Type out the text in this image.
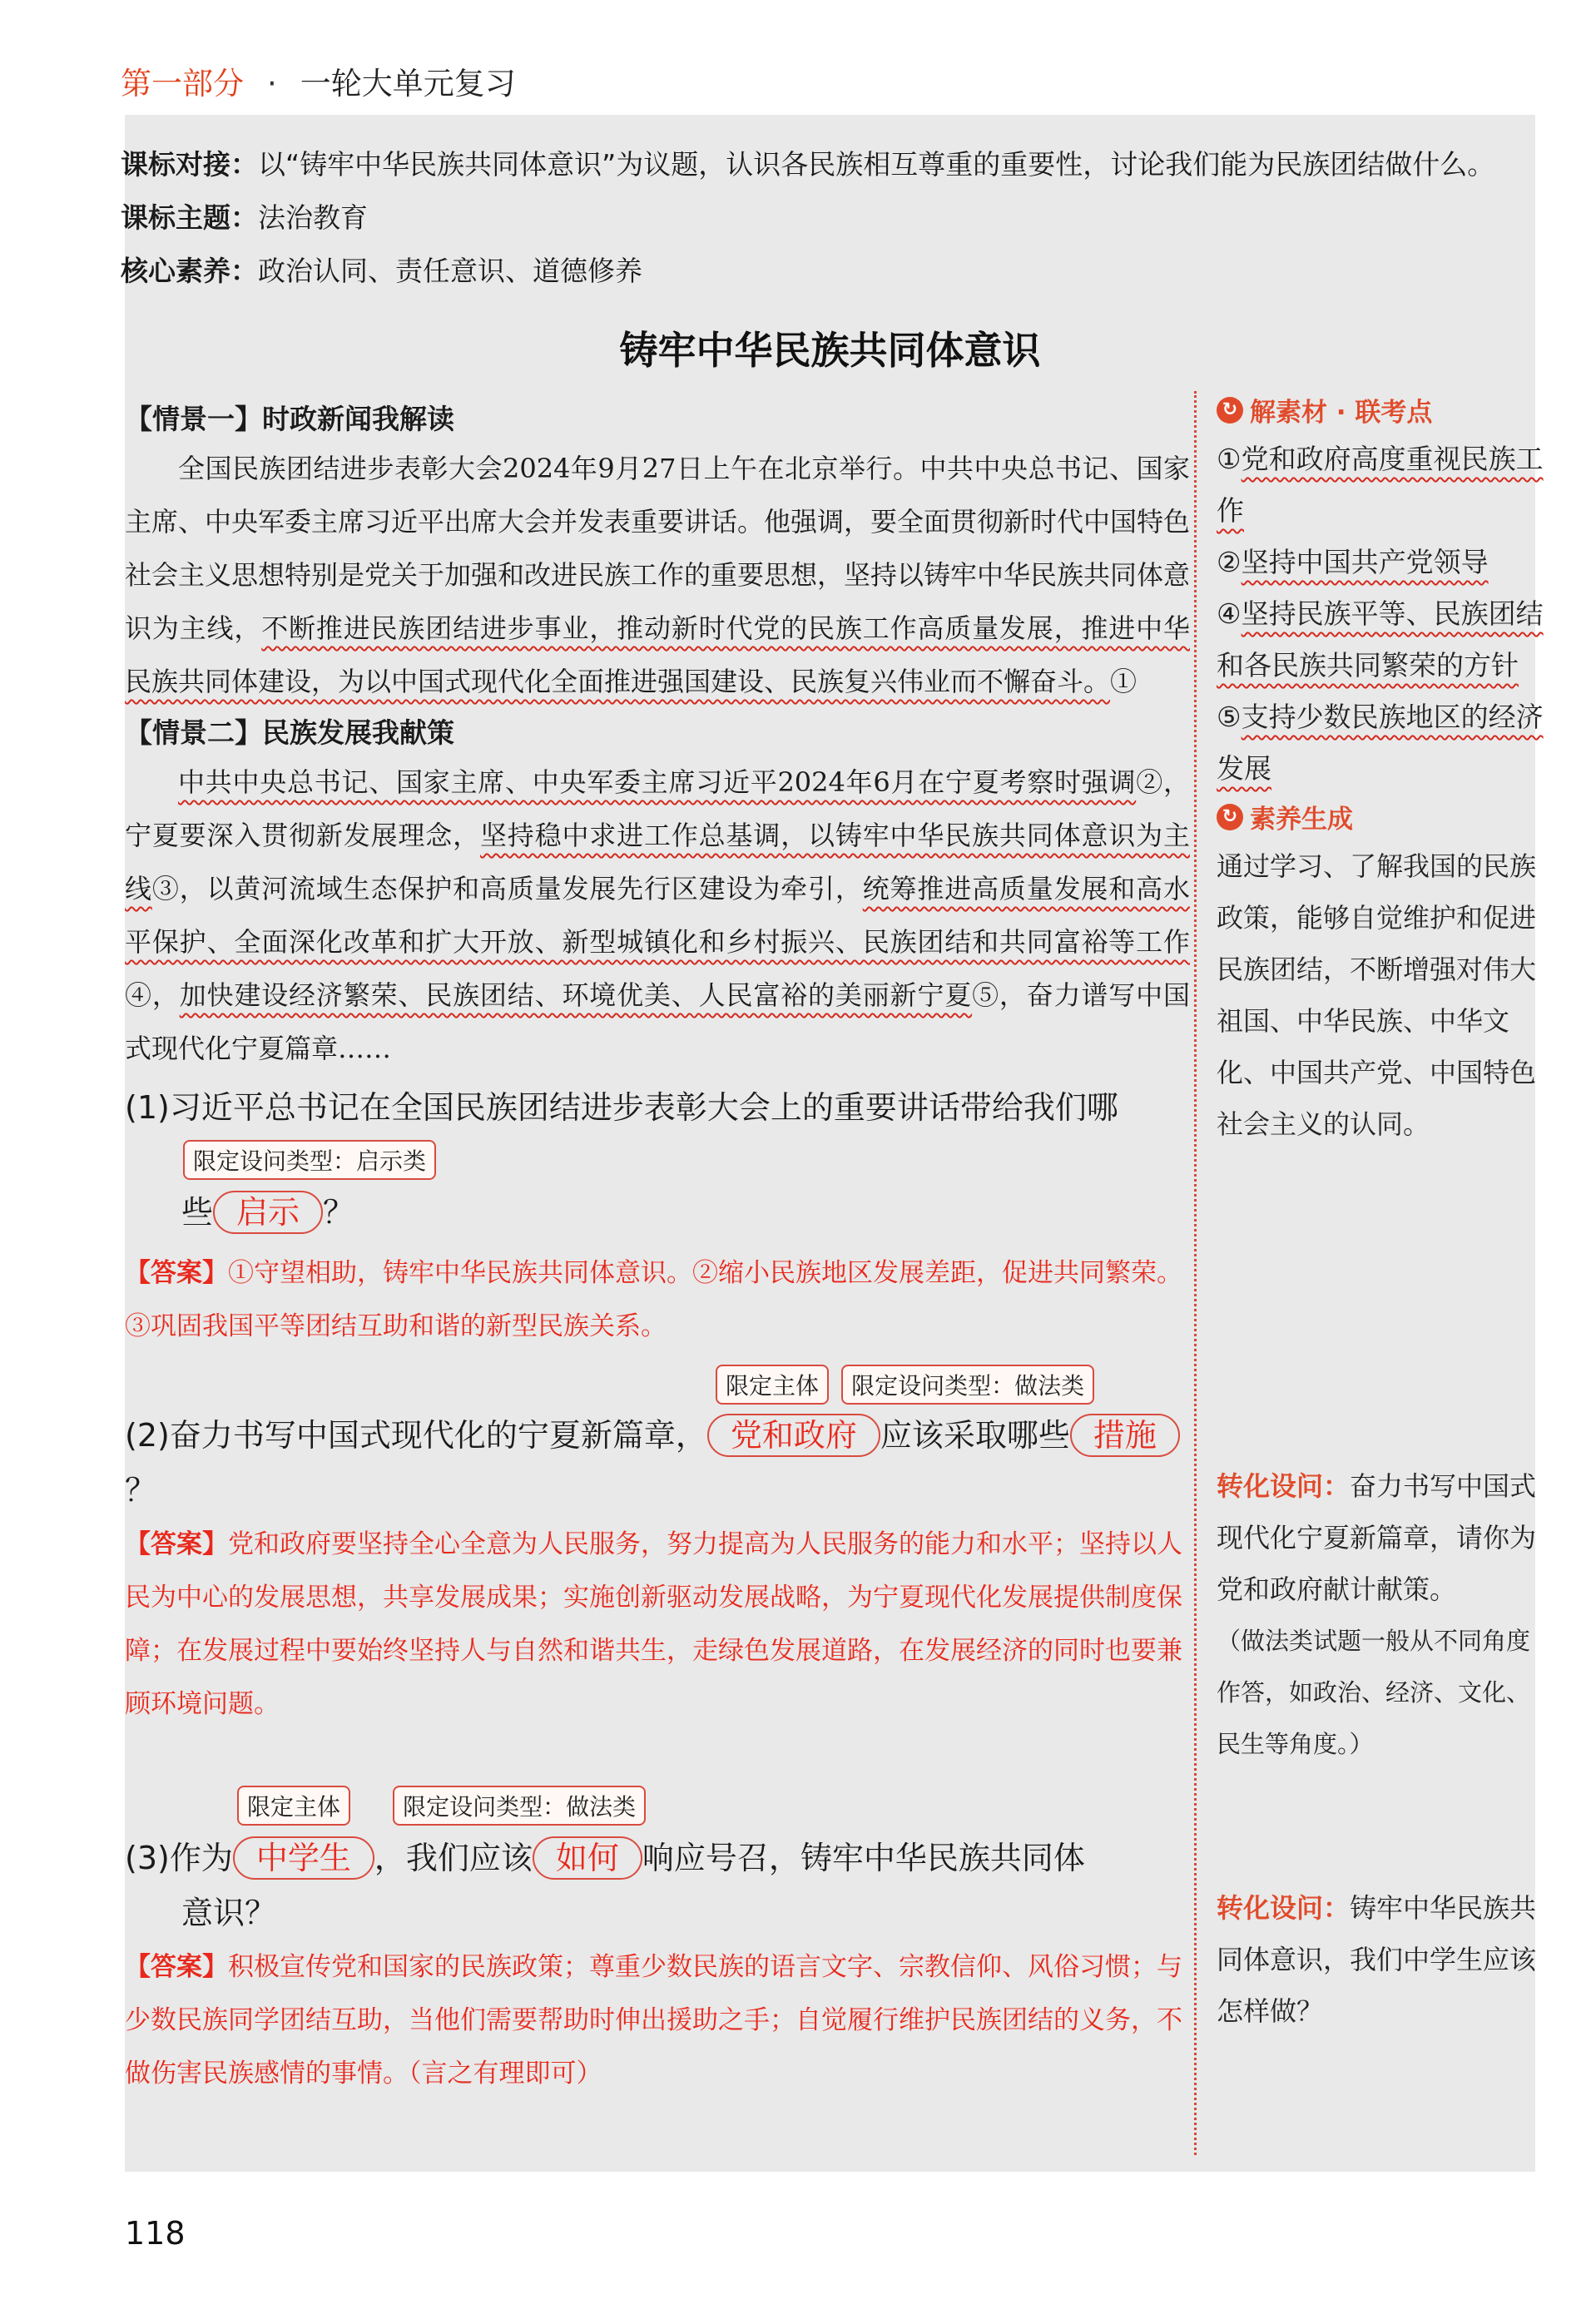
第一部分 · 一轮大单元复习
课标对接：以“铸牢中华民族共同体意识”为议题，认识各民族相互尊重的重要性，讨论我们能为民族团结做什么。
课标主题：法治教育
核心素养：政治认同、责任意识、道德修养
铸牢中华民族共同体意识
【情景一】时政新闻我解读

全国民族团结进步表彰大会2024年9月27日上午在北京举行。中共中央总书记、国家主席、中央军委主席习近平出席大会并发表重要讲话。他强调，要全面贯彻新时代中国特色社会主义思想特别是党关于加强和改进民族工作的重要思想，坚持以铸牢中华民族共同体意识为主线，不断推进民族团结进步事业，推动新时代党的民族工作高质量发展，推进中华民族共同体建设，为以中国式现代化全面推进强国建设、民族复兴伟业而不懈奋斗。①

【情景二】民族发展我献策

中共中央总书记、国家主席、中央军委主席习近平2024年6月在宁夏考察时强调②，宁夏要深入贯彻新发展理念，坚持稳中求进工作总基调，以铸牢中华民族共同体意识为主线③，以黄河流域生态保护和高质量发展先行区建设为牵引，统筹推进高质量发展和高水平保护、全面深化改革和扩大开放、新型城镇化和乡村振兴、民族团结和共同富裕等工作④，加快建设经济繁荣、民族团结、环境优美、人民富裕的美丽新宁夏⑤，奋力谱写中国式现代化宁夏篇章……

(1)习近平总书记在全国民族团结进步表彰大会上的重要讲话带给我们哪

限定设问类型：启示类

些 启示 ？

【答案】①守望相助，铸牢中华民族共同体意识。②缩小民族地区发展差距，促进共同繁荣。③巩固我国平等团结互助和谐的新型民族关系。

限定主体 限定设问类型：做法类

(2)奋力书写中国式现代化的宁夏新篇章， 党和政府 应该采取哪些 措施？

【答案】党和政府要坚持全心全意为人民服务，努力提高为人民服务的能力和水平；坚持以人民为中心的发展思想，共享发展成果；实施创新驱动发展战略，为宁夏现代化发展提供制度保障；在发展过程中要始终坚持人与自然和谐共生，走绿色发展道路，在发展经济的同时也要兼顾环境问题。

限定主体	限定设问类型：做法类

(3)作为 中学生 ，我们应该 如何 响应号召，铸牢中华民族共同体

意识？

【答案】积极宣传党和国家的民族政策；尊重少数民族的语言文字、宗教信仰、风俗习惯；与少数民族同学团结互助，当他们需要帮助时伸出援助之手；自觉履行维护民族团结的义务，不做伤害民族感情的事情。（言之有理即可）

↻ 解素材 · 联考点
①党和政府高度重视民族工作
②坚持中国共产党领导
④坚持民族平等、民族团结和各民族共同繁荣的方针
⑤支持少数民族地区的经济发展
↻ 素养生成

通过学习、了解我国的民族政策，能够自觉维护和促进民族团结，不断增强对伟大祖国、中华民族、中华文化、中国共产党、中国特色社会主义的认同。

转化设问：奋力书写中国式现代化宁夏新篇章，请你为党和政府献计献策。

（做法类试题一般从不同角度作答，如政治、经济、文化、民生等角度。）

转化设问：铸牢中华民族共同体意识，我们中学生应该怎样做？

118
